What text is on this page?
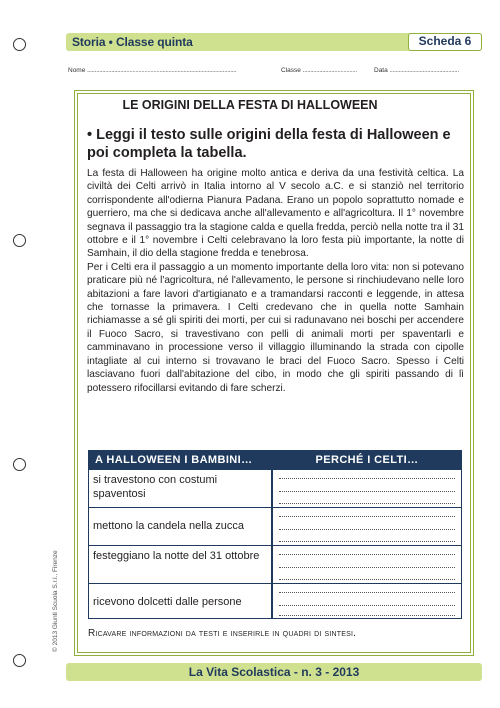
Storia • Classe quinta	Scheda 6
Nome ...................................................................................................	Classe ....................................	Data ..............................................
LE ORIGINI DELLA FESTA DI HALLOWEEN
• Leggi il testo sulle origini della festa di Halloween e poi completa la tabella.

La festa di Halloween ha origine molto antica e deriva da una festività celtica. La civiltà dei Celti arrivò in Italia intorno al V secolo a.C. e si stanziò nel territorio corrispondente all'odierna Pianura Padana. Erano un popolo soprattutto nomade e guerriero, ma che si dedicava anche all'allevamento e all'agricoltura. Il 1° novembre segnava il passaggio tra la stagione calda e quella fredda, perciò nella notte tra il 31 ottobre e il 1° novembre i Celti celebravano la loro festa più importante, la notte di Samhain, il dio della stagione fredda e tenebrosa.

Per i Celti era il passaggio a un momento importante della loro vita: non si potevano praticare più né l'agricoltura, né l'allevamento, le persone si rinchiudevano nelle loro abitazioni a fare lavori d'artigianato e a tramandarsi racconti e leggende, in attesa che tornasse la primavera. I Celti credevano che in quella notte Samhain richiamasse a sé gli spiriti dei morti, per cui si radunavano nei boschi per accendere il Fuoco Sacro, si travestivano con pelli di animali morti per spaventarli e camminavano in processione verso il villaggio illuminando la strada con cipolle intagliate al cui interno si trovavano le braci del Fuoco Sacro. Spesso i Celti lasciavano fuori dall'abitazione del cibo, in modo che gli spiriti passando di lì potessero rifocillarsi evitando di fare scherzi.

A HALLOWEEN I BAMBINI…	PERCHÉ I CELTI…
si travestono con costumi spaventosi
mettono la candela nella zucca
festeggiano la notte del 31 ottobre
ricevono dolcetti dalle persone
Ricavare informazioni da testi e inserirle in quadri di sintesi.
© 2013 Giunti Scuola S.r.l., Firenze
La Vita Scolastica - n. 3 - 2013
